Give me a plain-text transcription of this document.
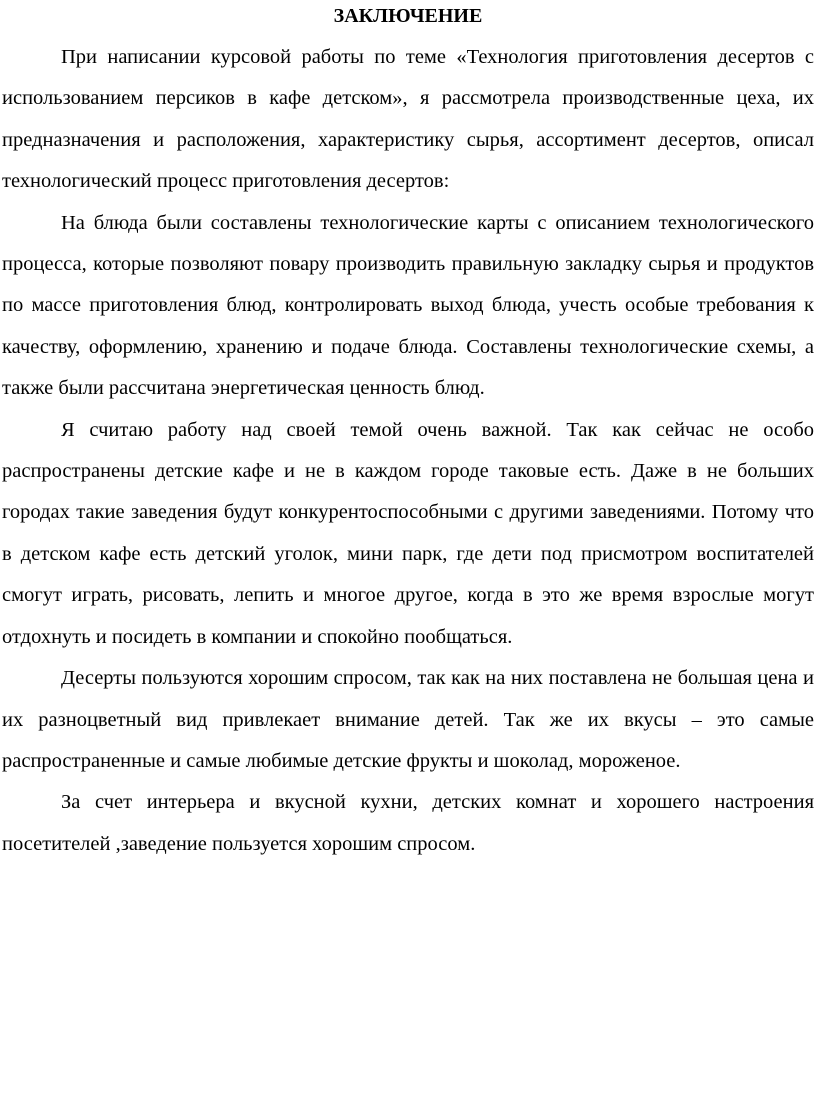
ЗАКЛЮЧЕНИЕ

При написании курсовой работы по теме «Технология приготовления десертов с использованием персиков в кафе детском», я рассмотрела производственные цеха, их предназначения и расположения, характеристику сырья, ассортимент десертов, описал технологический процесс приготовления десертов:

На блюда были составлены технологические карты с описанием технологического процесса, которые позволяют повару производить правильную закладку сырья и продуктов по массе приготовления блюд, контролировать выход блюда, учесть особые требования к качеству, оформлению, хранению и подаче блюда. Составлены технологические схемы, а также были рассчитана энергетическая ценность блюд.

Я считаю работу над своей темой очень важной. Так как сейчас не особо распространены детские кафе и не в каждом городе таковые есть. Даже в не больших городах такие заведения будут конкурентоспособными с другими заведениями. Потому что в детском кафе есть детский уголок, мини парк, где дети под присмотром воспитателей смогут играть, рисовать, лепить и многое другое, когда в это же время взрослые могут отдохнуть и посидеть в компании и спокойно пообщаться.

Десерты пользуются хорошим спросом, так как на них поставлена не большая цена и их разноцветный вид привлекает внимание детей. Так же их вкусы – это самые распространенные и самые любимые детские фрукты и шоколад, мороженое.

За счет интерьера и вкусной кухни, детских комнат и хорошего настроения посетителей ,заведение пользуется хорошим спросом.
